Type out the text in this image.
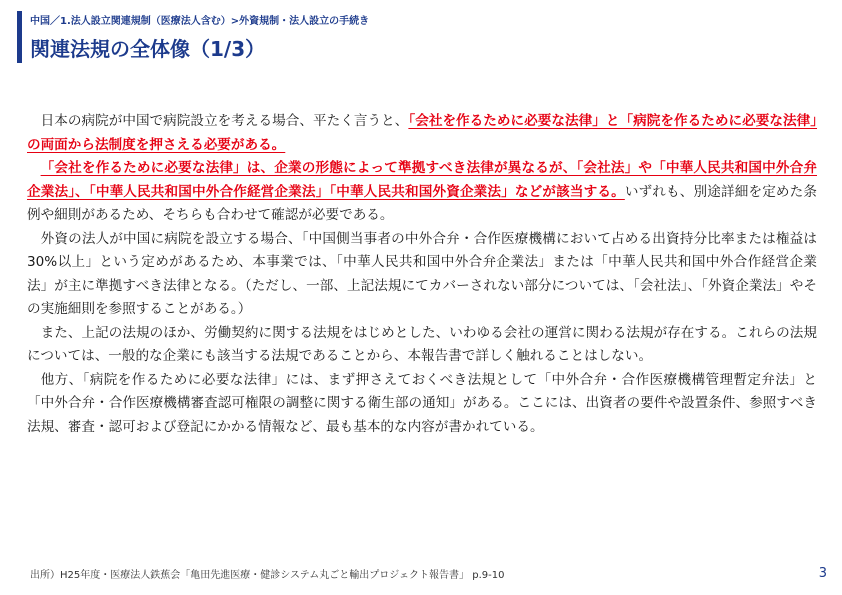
中国／1.法人設立関連規制（医療法人含む）>外資規制・法人設立の手続き
関連法規の全体像（1/3）

日本の病院が中国で病院設立を考える場合、平たく言うと、「会社を作るために必要な法律」と「病院を作るために必要な法律」の両面から法制度を押さえる必要がある。

「会社を作るために必要な法律」は、企業の形態によって準拠すべき法律が異なるが、「会社法」や「中華人民共和国中外合弁企業法」、「中華人民共和国中外合作経営企業法」「中華人民共和国外資企業法」などが該当する。いずれも、別途詳細を定めた条例や細則があるため、そちらも合わせて確認が必要である。

外資の法人が中国に病院を設立する場合、「中国側当事者の中外合弁・合作医療機構において占める出資持分比率または権益は30%以上」という定めがあるため、本事業では、「中華人民共和国中外合弁企業法」または「中華人民共和国中外合作経営企業法」が主に準拠すべき法律となる。（ただし、一部、上記法規にてカバーされない部分については、「会社法」、「外資企業法」やその実施細則を参照することがある。）

また、上記の法規のほか、労働契約に関する法規をはじめとした、いわゆる会社の運営に関わる法規が存在する。これらの法規については、一般的な企業にも該当する法規であることから、本報告書で詳しく触れることはしない。

他方、「病院を作るために必要な法律」には、まず押さえておくべき法規として「中外合弁・合作医療機構管理暫定弁法」と「中外合弁・合作医療機構審査認可権限の調整に関する衛生部の通知」がある。ここには、出資者の要件や設置条件、参照すべき法規、審査・認可および登記にかかる情報など、最も基本的な内容が書かれている。

出所）H25年度・医療法人鉄蕉会「亀田先進医療・健診システム丸ごと輸出プロジェクト報告書」 p.9-10	3
